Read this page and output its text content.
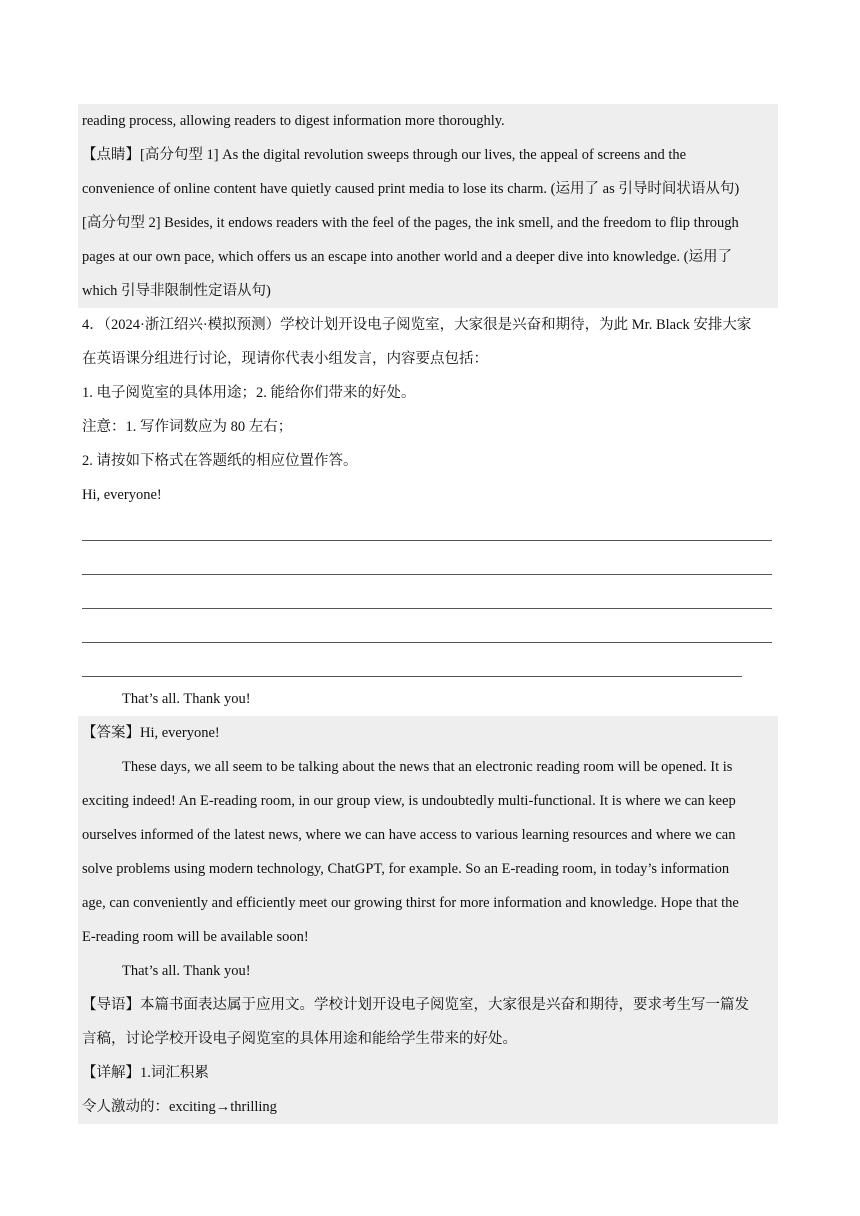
reading process, allowing readers to digest information more thoroughly.
【点睛】[高分句型 1] As the digital revolution sweeps through our lives, the appeal of screens and the
convenience of online content have quietly caused print media to lose its charm. (运用了 as 引导时间状语从句)
[高分句型 2] Besides, it endows readers with the feel of the pages, the ink smell, and the freedom to flip through
pages at our own pace, which offers us an escape into another world and a deeper dive into knowledge. (运用了
which 引导非限制性定语从句)
4．（2024·浙江绍兴·模拟预测）学校计划开设电子阅览室，大家很是兴奋和期待，为此 Mr. Black 安排大家
在英语课分组进行讨论，现请你代表小组发言，内容要点包括：
1. 电子阅览室的具体用途；2. 能给你们带来的好处。
注意：1. 写作词数应为 80 左右；
2. 请按如下格式在答题纸的相应位置作答。
Hi, everyone!
That’s all. Thank you!
【答案】Hi, everyone!
These days, we all seem to be talking about the news that an electronic reading room will be opened. It is
exciting indeed! An E-reading room, in our group view, is undoubtedly multi-functional. It is where we can keep
ourselves informed of the latest news, where we can have access to various learning resources and where we can
solve problems using modern technology, ChatGPT, for example. So an E-reading room, in today’s information
age, can conveniently and efficiently meet our growing thirst for more information and knowledge. Hope that the
E-reading room will be available soon!
That’s all. Thank you!
【导语】本篇书面表达属于应用文。学校计划开设电子阅览室，大家很是兴奋和期待，要求考生写一篇发
言稿，讨论学校开设电子阅览室的具体用途和能给学生带来的好处。
【详解】1.词汇积累
令人激动的：exciting→thrilling
